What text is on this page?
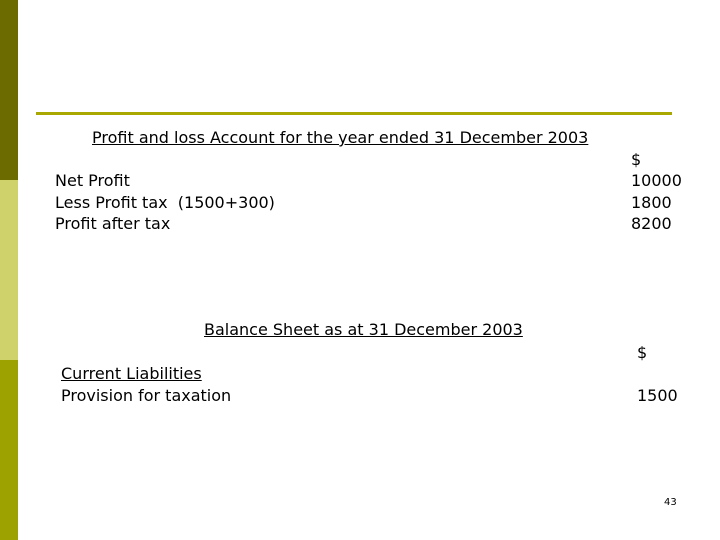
Profit and loss Account for the year ended 31 December 2003
$
Net Profit	10000
Less Profit tax  (1500+300)	1800
Profit after tax	8200
Balance Sheet as at 31 December 2003
$
Current Liabilities
Provision for taxation	1500
43
